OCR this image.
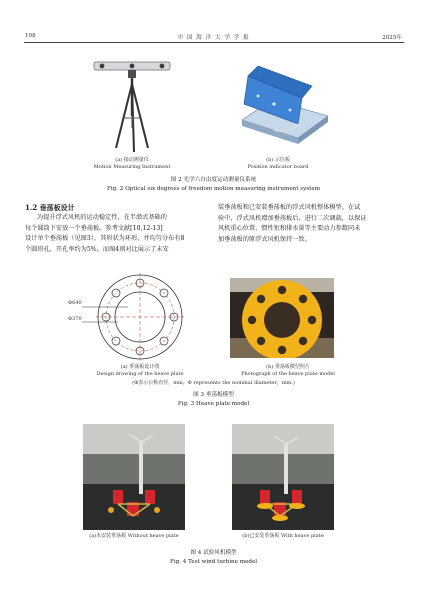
108	中 国 海 洋 大 学 学 报	2025年
(a) 接动测量仪
Motion Measuring Instrument
(b) 示位板
Position indicator board
图 2 光学六自由度运动测量仪系统
Fig. 2 Optical six degrees of freedom motion measuring instrument system
1.2 垂荡板设计
为提升浮式风机的运动稳定性，在半潜式基础的
每个圆筒下安放一个垂荡板。参考文献[10,12-13]
设计单个垂荡板（见图3），其形状为环形，并均匀分布有8
个圆形孔，开孔率约为5%。而图4则对比展示了未安
装垂荡板和已安装垂荡板的浮式风机整体模型。在试
验中，浮式风机增加垂荡板后，进行二次调载，以保证
风机重心位置、惯性矩和排水量等主要动力参数同未
加垂荡板的原浮式风机保持一致。
Φ640
Φ370
(a) 垂荡板设计图
Design drawing of the heave plate
(b) 垂荡板模型照片
Photograph of the heave plate model
(Φ表示公称直径，mm。Φ represents the nominal diameter，mm.)
图 3 垂荡板模型
Fig. 3 Heave plate model
(a)未安装垂荡板 Without heave plate	(b)已安装垂荡板 With heave plate
图 4 试验风机模型
Fig. 4 Test wind turbine model
